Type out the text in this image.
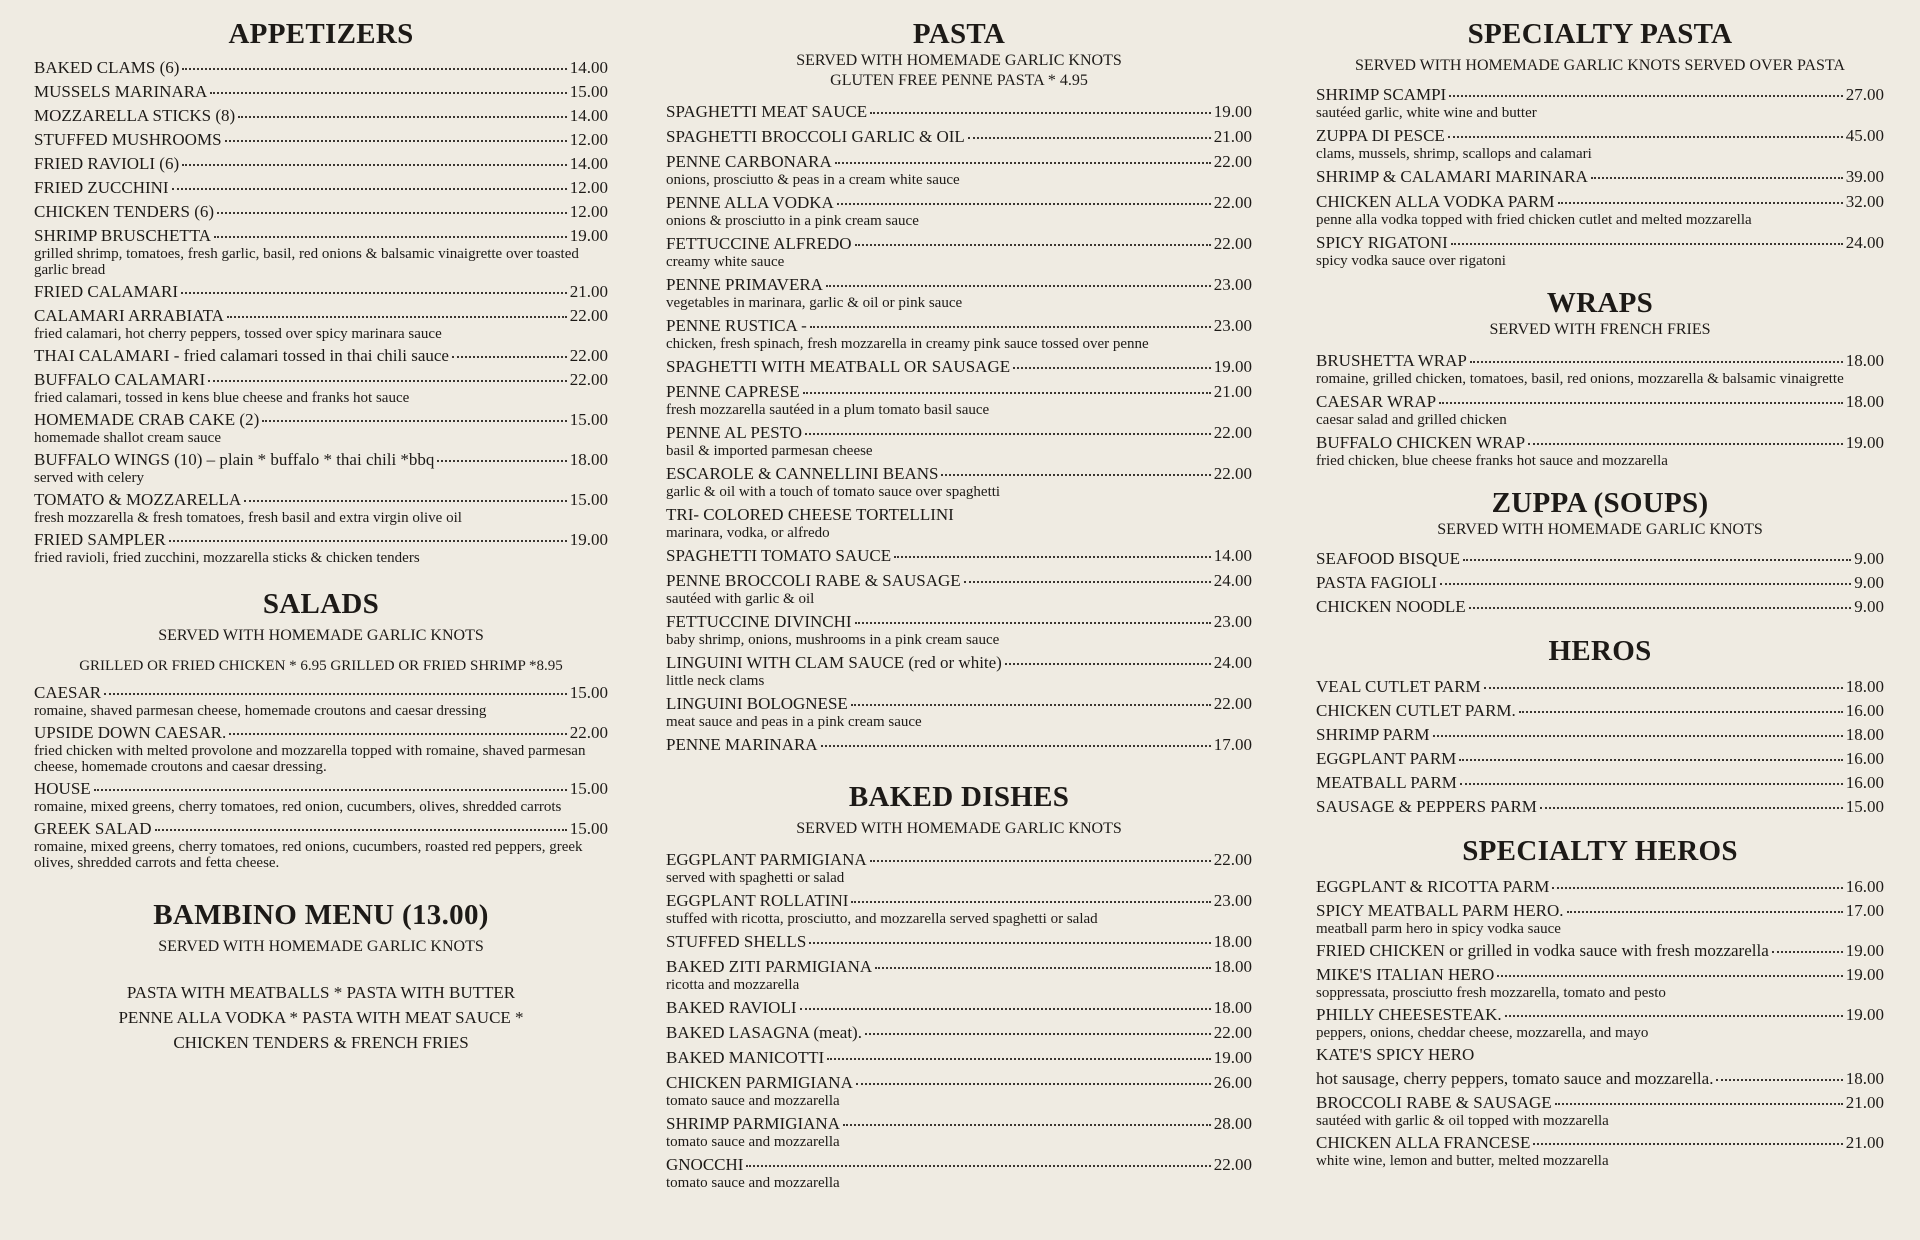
APPETIZERS
BAKED CLAMS (6)	14.00
MUSSELS MARINARA	15.00
MOZZARELLA STICKS (8)	14.00
STUFFED MUSHROOMS	12.00
FRIED RAVIOLI (6)	14.00
FRIED ZUCCHINI	12.00
CHICKEN TENDERS (6)	12.00
SHRIMP BRUSCHETTA	19.00
grilled shrimp, tomatoes, fresh garlic, basil, red onions & balsamic vinaigrette over toasted garlic bread
FRIED CALAMARI	21.00
CALAMARI ARRABIATA	22.00
fried calamari, hot cherry peppers, tossed over spicy marinara sauce
THAI CALAMARI - fried calamari tossed in thai chili sauce	22.00
BUFFALO CALAMARI	22.00
fried calamari, tossed in kens blue cheese and franks hot sauce
HOMEMADE CRAB CAKE (2)	15.00
homemade shallot cream sauce
BUFFALO WINGS (10) – plain * buffalo * thai chili *bbq	18.00
served with celery
TOMATO & MOZZARELLA	15.00
fresh mozzarella & fresh tomatoes, fresh basil and extra virgin olive oil
FRIED SAMPLER	19.00
fried ravioli, fried zucchini, mozzarella sticks & chicken tenders
SALADS
SERVED WITH HOMEMADE GARLIC KNOTS
GRILLED OR FRIED CHICKEN * 6.95 GRILLED OR FRIED SHRIMP *8.95
CAESAR	15.00
romaine, shaved parmesan cheese, homemade croutons and caesar dressing
UPSIDE DOWN CAESAR.	22.00
fried chicken with melted provolone and mozzarella topped with romaine, shaved parmesan cheese, homemade croutons and caesar dressing.
HOUSE	15.00
romaine, mixed greens, cherry tomatoes, red onion, cucumbers, olives, shredded carrots
GREEK SALAD	15.00
romaine, mixed greens, cherry tomatoes, red onions, cucumbers, roasted red peppers, greek olives, shredded carrots and fetta cheese.
BAMBINO MENU (13.00)
SERVED WITH HOMEMADE GARLIC KNOTS
PASTA WITH MEATBALLS * PASTA WITH BUTTER
PENNE ALLA VODKA * PASTA WITH MEAT SAUCE *
CHICKEN TENDERS & FRENCH FRIES
PASTA
SERVED WITH HOMEMADE GARLIC KNOTS
GLUTEN FREE PENNE PASTA * 4.95
SPAGHETTI MEAT SAUCE	19.00
SPAGHETTI BROCCOLI GARLIC & OIL	21.00
PENNE CARBONARA	22.00
onions, prosciutto & peas in a cream white sauce
PENNE ALLA VODKA	22.00
onions & prosciutto in a pink cream sauce
FETTUCCINE ALFREDO	22.00
creamy white sauce
PENNE PRIMAVERA	23.00
vegetables in marinara, garlic & oil or pink sauce
PENNE RUSTICA -	23.00
chicken, fresh spinach, fresh mozzarella in creamy pink sauce tossed over penne
SPAGHETTI WITH MEATBALL OR SAUSAGE	19.00
PENNE CAPRESE	21.00
fresh mozzarella sautéed in a plum tomato basil sauce
PENNE AL PESTO	22.00
basil & imported parmesan cheese
ESCAROLE & CANNELLINI BEANS	22.00
garlic & oil with a touch of tomato sauce over spaghetti
TRI- COLORED CHEESE TORTELLINI
marinara, vodka, or alfredo
SPAGHETTI TOMATO SAUCE	14.00
PENNE BROCCOLI RABE & SAUSAGE	24.00
sautéed with garlic & oil
FETTUCCINE DIVINCHI	23.00
baby shrimp, onions, mushrooms in a pink cream sauce
LINGUINI WITH CLAM SAUCE (red or white)	24.00
little neck clams
LINGUINI BOLOGNESE	22.00
meat sauce and peas in a pink cream sauce
PENNE MARINARA	17.00
BAKED DISHES
SERVED WITH HOMEMADE GARLIC KNOTS
EGGPLANT PARMIGIANA	22.00
served with spaghetti or salad
EGGPLANT ROLLATINI	23.00
stuffed with ricotta, prosciutto, and mozzarella served spaghetti or salad
STUFFED SHELLS	18.00
BAKED ZITI PARMIGIANA	18.00
ricotta and mozzarella
BAKED RAVIOLI	18.00
BAKED LASAGNA (meat).	22.00
BAKED MANICOTTI	19.00
CHICKEN PARMIGIANA	26.00
tomato sauce and mozzarella
SHRIMP PARMIGIANA	28.00
tomato sauce and mozzarella
GNOCCHI	22.00
tomato sauce and mozzarella
SPECIALTY PASTA
SERVED WITH HOMEMADE GARLIC KNOTS SERVED OVER PASTA
SHRIMP SCAMPI	27.00
sautéed garlic, white wine and butter
ZUPPA DI PESCE	45.00
clams, mussels, shrimp, scallops and calamari
SHRIMP & CALAMARI MARINARA	39.00
CHICKEN ALLA VODKA PARM	32.00
penne alla vodka topped with fried chicken cutlet and melted mozzarella
SPICY RIGATONI	24.00
spicy vodka sauce over rigatoni
WRAPS
SERVED WITH FRENCH FRIES
BRUSHETTA WRAP	18.00
romaine, grilled chicken, tomatoes, basil, red onions, mozzarella & balsamic vinaigrette
CAESAR WRAP	18.00
caesar salad and grilled chicken
BUFFALO CHICKEN WRAP	19.00
fried chicken, blue cheese franks hot sauce and mozzarella
ZUPPA (SOUPS)
SERVED WITH HOMEMADE GARLIC KNOTS
SEAFOOD BISQUE	9.00
PASTA FAGIOLI	9.00
CHICKEN NOODLE	9.00
HEROS
VEAL CUTLET PARM	18.00
CHICKEN CUTLET PARM.	16.00
SHRIMP PARM	18.00
EGGPLANT PARM	16.00
MEATBALL PARM	16.00
SAUSAGE & PEPPERS PARM	15.00
SPECIALTY HEROS
EGGPLANT & RICOTTA PARM	16.00
SPICY MEATBALL PARM HERO.	17.00
meatball parm hero in spicy vodka sauce
FRIED CHICKEN or grilled in vodka sauce with fresh mozzarella	19.00
MIKE'S ITALIAN HERO	19.00
soppressata, prosciutto fresh mozzarella, tomato and pesto
PHILLY CHEESESTEAK.	19.00
peppers, onions, cheddar cheese, mozzarella, and mayo
KATE'S SPICY HERO
hot sausage, cherry peppers, tomato sauce and mozzarella.	18.00
BROCCOLI RABE & SAUSAGE	21.00
sautéed with garlic & oil topped with mozzarella
CHICKEN ALLA FRANCESE	21.00
white wine, lemon and butter, melted mozzarella
